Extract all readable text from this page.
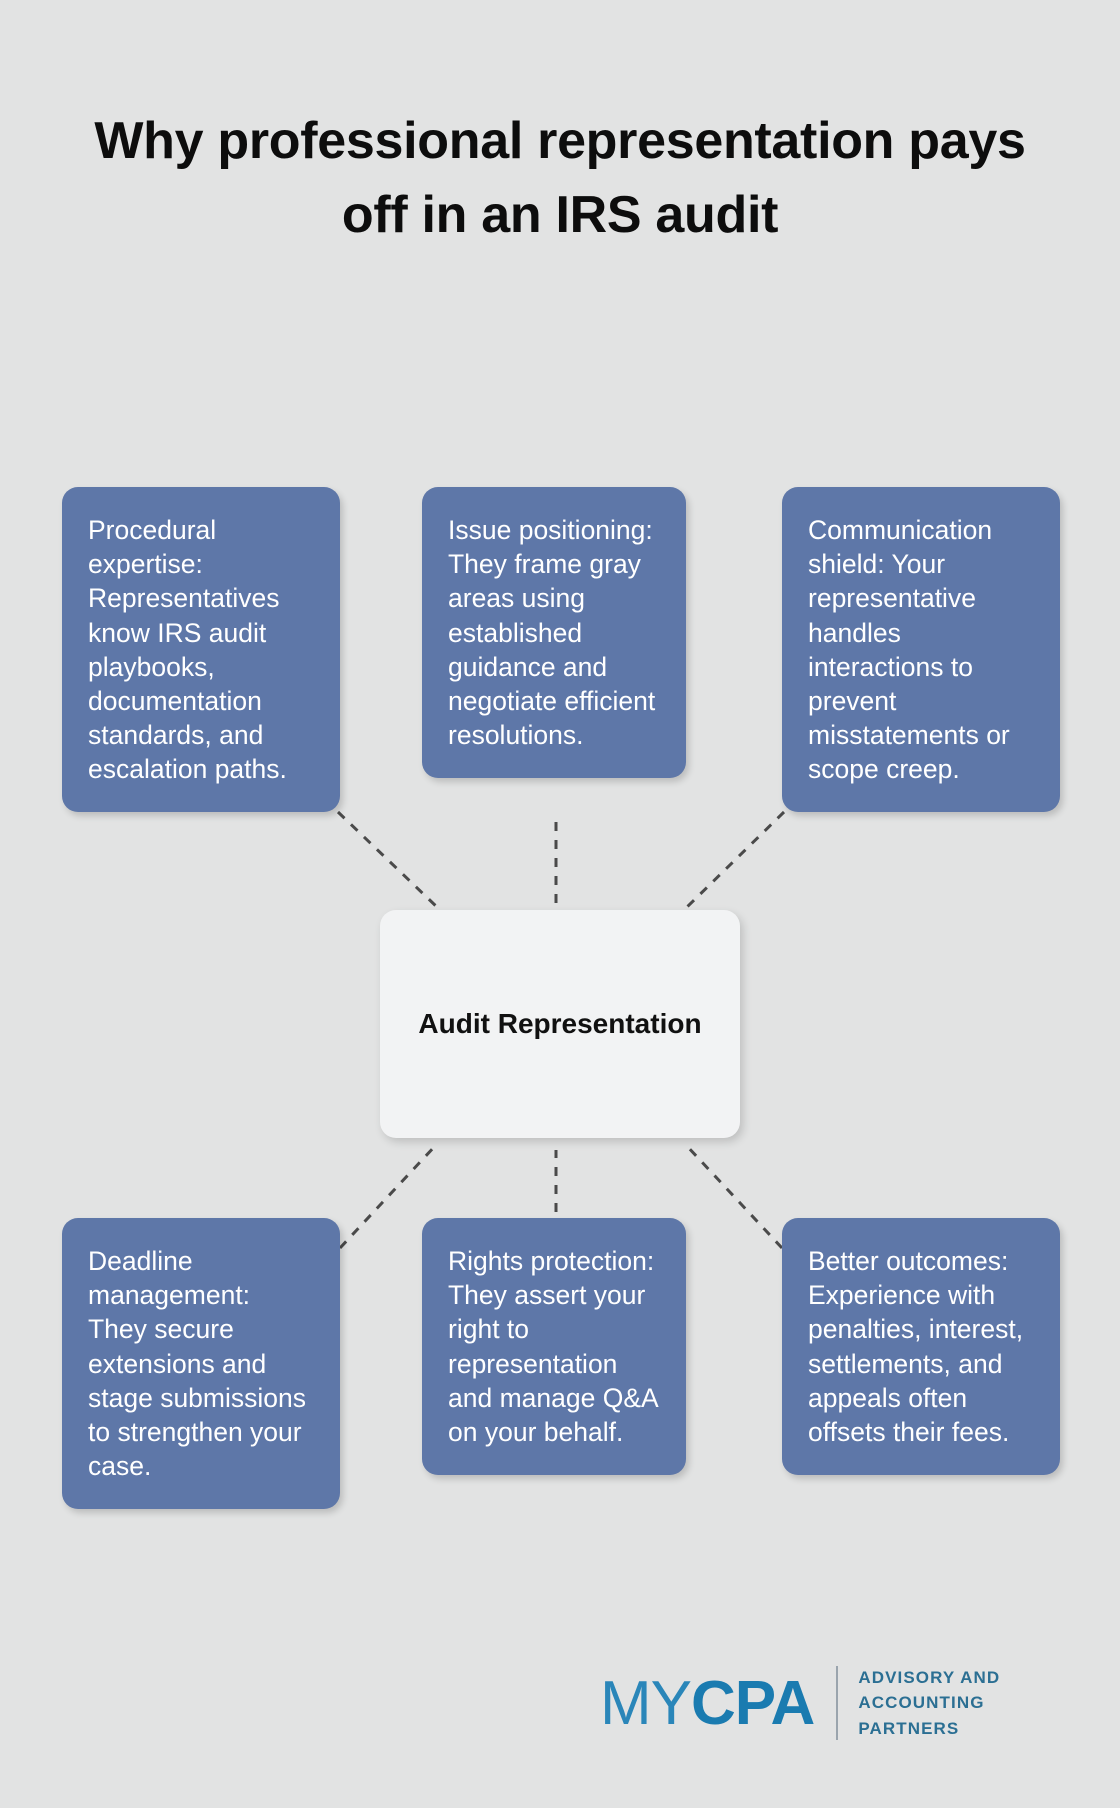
Why professional representation pays off in an IRS audit
Procedural expertise: Representatives know IRS audit playbooks, documentation standards, and escalation paths.
Issue positioning: They frame gray areas using established guidance and negotiate efficient resolutions.
Communication shield: Your representative handles interactions to prevent misstatements or scope creep.
Audit Representation
Deadline management: They secure extensions and stage submissions to strengthen your case.
Rights protection: They assert your right to representation and manage Q&A on your behalf.
Better outcomes: Experience with penalties, interest, settlements, and appeals often offsets their fees.
MY CPA	ADVISORY AND
ACCOUNTING
PARTNERS
